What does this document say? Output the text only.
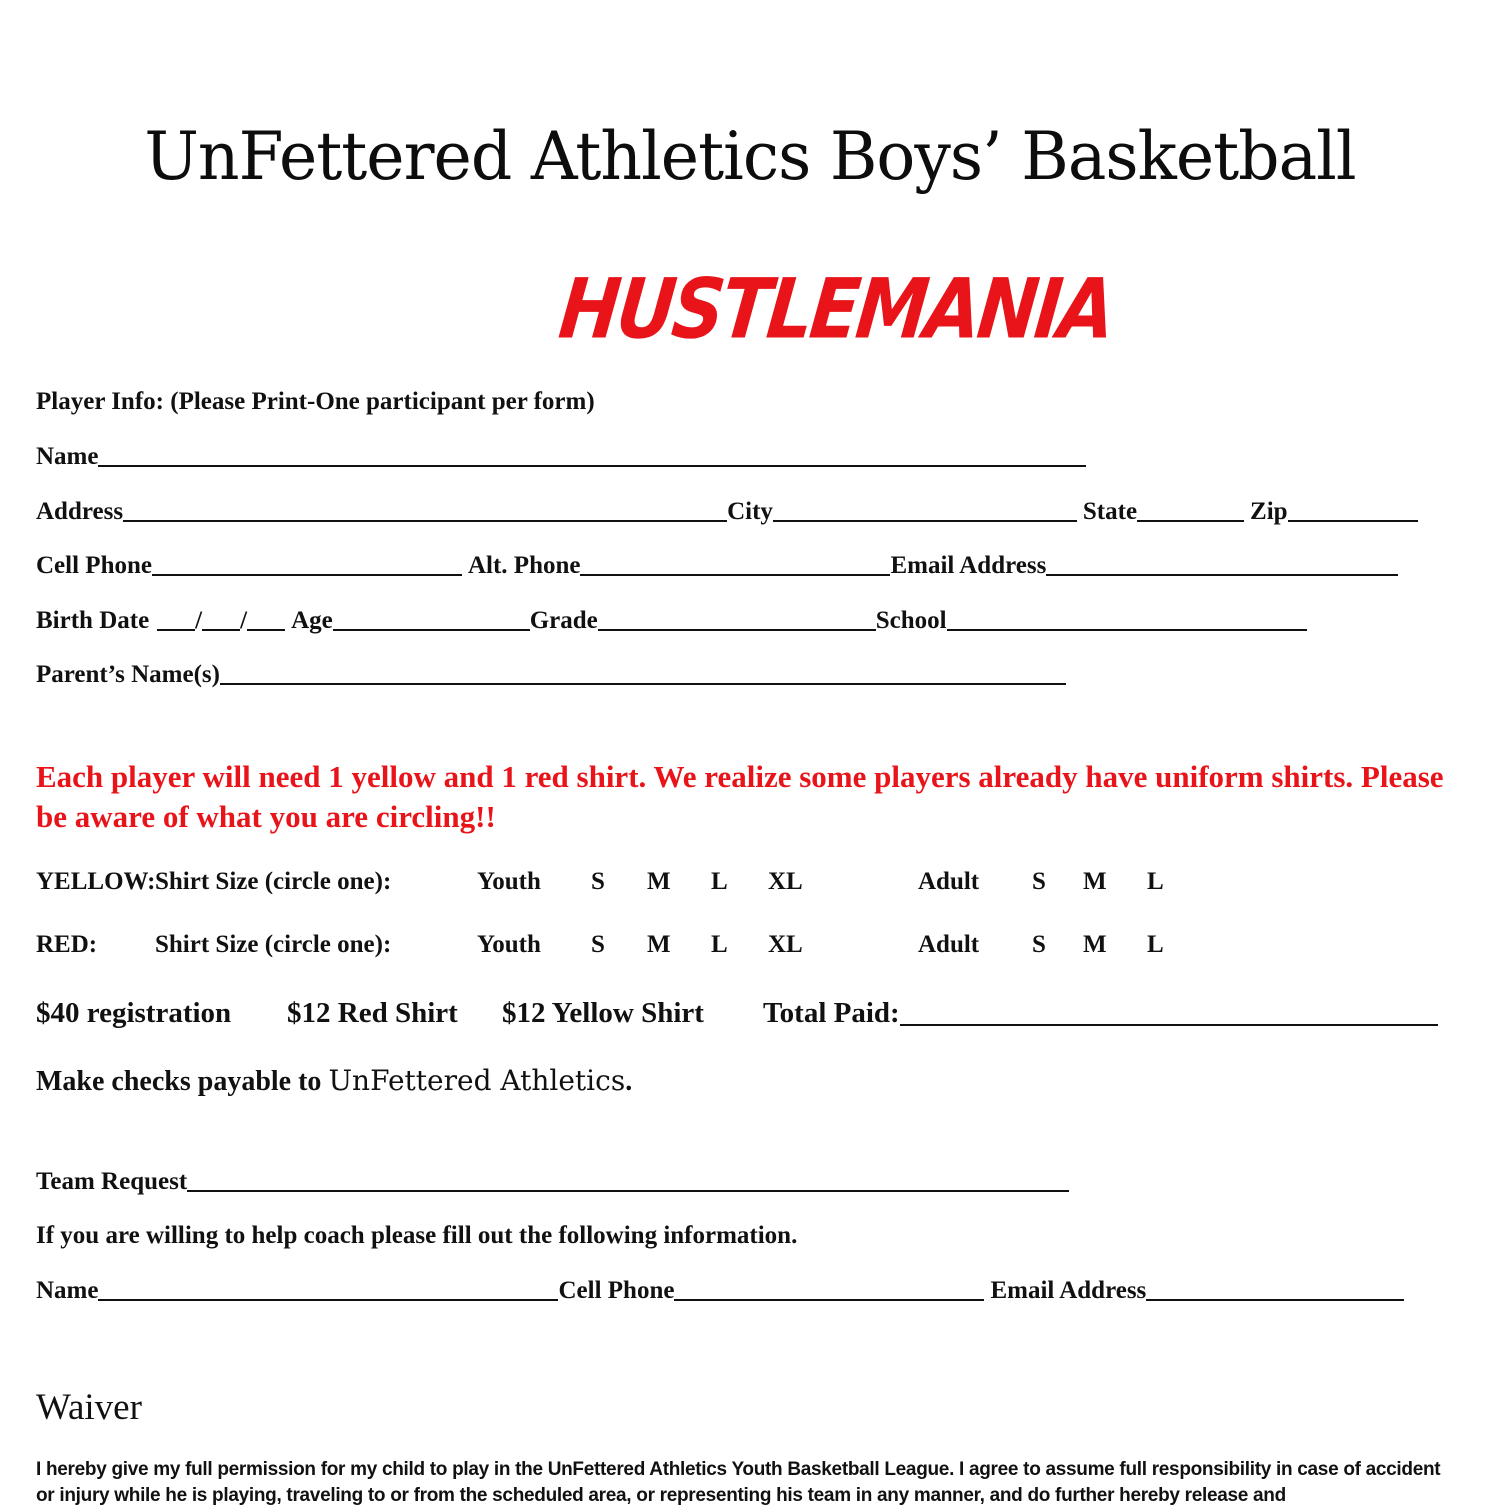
UnFettered Athletics Boys’ Basketball
HUSTLEMANIA
Player Info: (Please Print-One participant per form)
Name
Address	City	State	Zip
Cell Phone	Alt. Phone	Email Address
Birth Date / / Age	Grade	School
Parent’s Name(s)
Each player will need 1 yellow and 1 red shirt. We realize some players already have uniform shirts. Please be aware of what you are circling!!
YELLOW: Shirt Size (circle one):	Youth S M L XL	Adult S M L
RED: Shirt Size (circle one):	Youth S M L XL	Adult S M L
$40 registration $12 Red Shirt $12 Yellow Shirt Total Paid:
Make checks payable to UnFettered Athletics.
Team Request
If you are willing to help coach please fill out the following information.
Name	Cell Phone	Email Address
Waiver
I hereby give my full permission for my child to play in the UnFettered Athletics Youth Basketball League. I agree to assume full responsibility in case of accident or injury while he is playing, traveling to or from the scheduled area, or representing his team in any manner, and do further hereby release and
